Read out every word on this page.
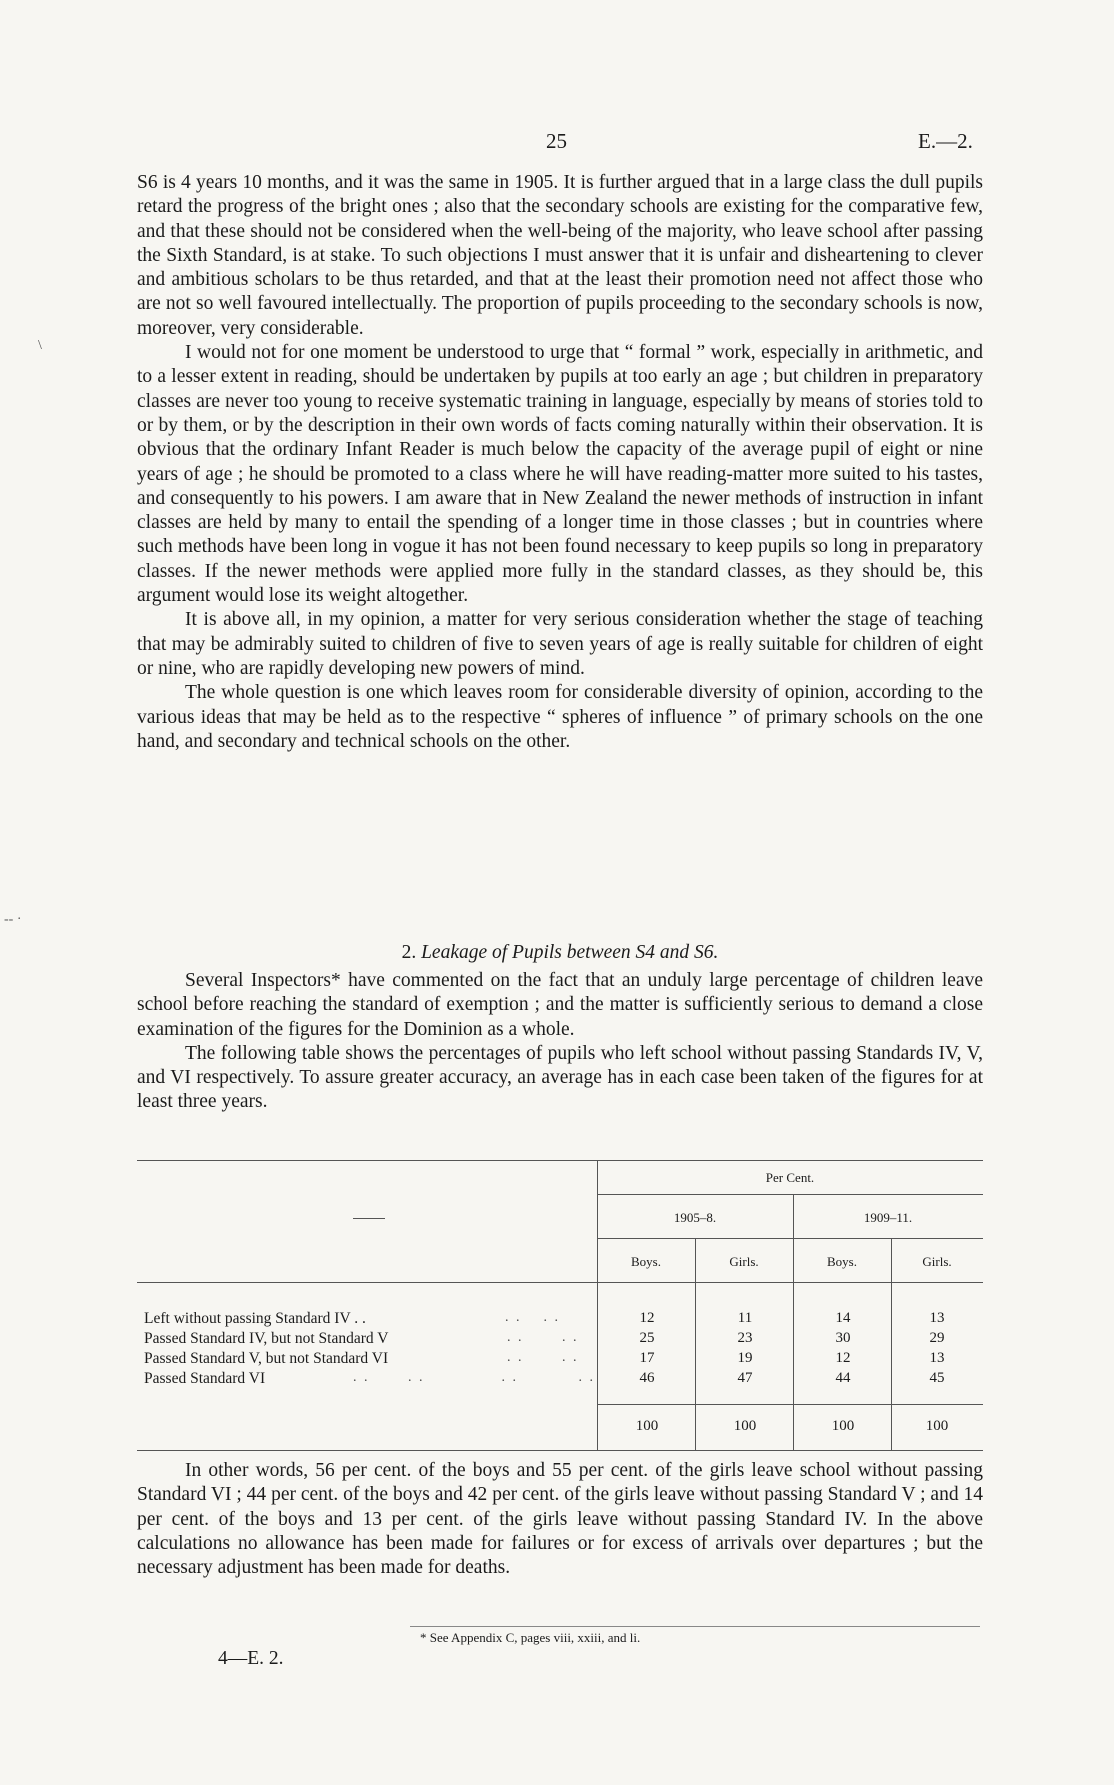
25	E.—2.

S6 is 4 years 10 months, and it was the same in 1905. It is further argued that in a large class the dull pupils retard the progress of the bright ones ; also that the secondary schools are existing for the comparative few, and that these should not be considered when the well-being of the majority, who leave school after passing the Sixth Standard, is at stake. To such objections I must answer that it is unfair and disheartening to clever and ambitious scholars to be thus retarded, and that at the least their promotion need not affect those who are not so well favoured intellectually. The proportion of pupils proceeding to the secondary schools is now, moreover, very considerable.

I would not for one moment be understood to urge that “ formal ” work, especially in arithmetic, and to a lesser extent in reading, should be undertaken by pupils at too early an age ; but children in preparatory classes are never too young to receive systematic training in language, especially by means of stories told to or by them, or by the description in their own words of facts coming naturally within their observation. It is obvious that the ordinary Infant Reader is much below the capacity of the average pupil of eight or nine years of age ; he should be promoted to a class where he will have reading-matter more suited to his tastes, and consequently to his powers. I am aware that in New Zealand the newer methods of instruction in infant classes are held by many to entail the spending of a longer time in those classes ; but in countries where such methods have been long in vogue it has not been found necessary to keep pupils so long in preparatory classes. If the newer methods were applied more fully in the standard classes, as they should be, this argument would lose its weight altogether.

It is above all, in my opinion, a matter for very serious consideration whether the stage of teaching that may be admirably suited to children of five to seven years of age is really suitable for children of eight or nine, who are rapidly developing new powers of mind.

The whole question is one which leaves room for considerable diversity of opinion, according to the various ideas that may be held as to the respective “ spheres of influence ” of primary schools on the one hand, and secondary and technical schools on the other.

2. Leakage of Pupils between S4 and S6.

Several Inspectors* have commented on the fact that an unduly large percentage of children leave school before reaching the standard of exemption ; and the matter is sufficiently serious to demand a close examination of the figures for the Dominion as a whole.

The following table shows the percentages of pupils who left school without passing Standards IV, V, and VI respectively. To assure greater accuracy, an average has in each case been taken of the figures for at least three years.

Per Cent.
1905–8.	1909–11.
Boys.	Girls.	Boys.	Girls.
Left without passing Standard IV . .	. .    . .	12	11	14	13
Passed Standard IV, but not Standard V	. .       . .	25	23	30	29
Passed Standard V, but not Standard VI	. .       . .	17	19	12	13
Passed Standard VI	. .       . .              . .           . .	46	47	44	45
100	100	100	100

In other words, 56 per cent. of the boys and 55 per cent. of the girls leave school without passing Standard VI ; 44 per cent. of the boys and 42 per cent. of the girls leave without passing Standard V ; and 14 per cent. of the boys and 13 per cent. of the girls leave without passing Standard IV. In the above calculations no allowance has been made for failures or for excess of arrivals over departures ; but the necessary adjustment has been made for deaths.

* See Appendix C, pages viii, xxiii, and li.
4—E. 2.
\
-- ·
